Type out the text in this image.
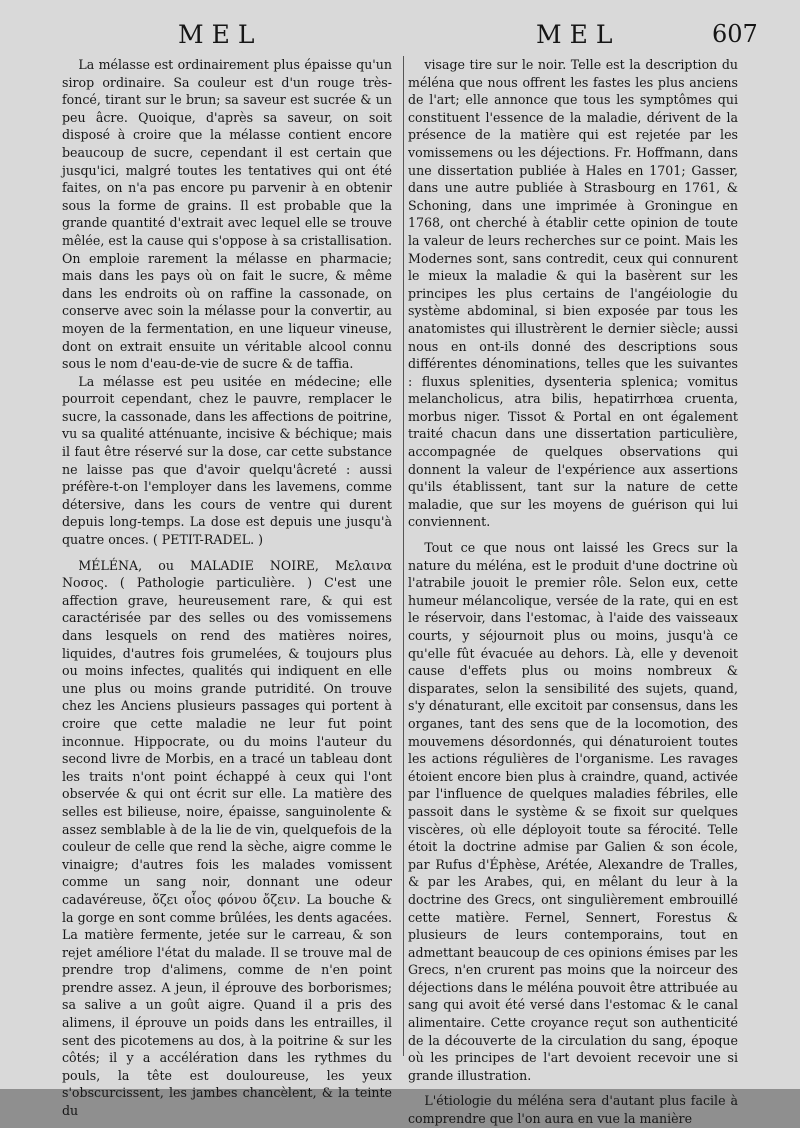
MEL	MEL	607

La mélasse est ordinairement plus épaisse qu'un sirop ordinaire. Sa couleur est d'un rouge très-foncé, tirant sur le brun; sa saveur est sucrée & un peu âcre. Quoique, d'après sa saveur, on soit disposé à croire que la mélasse contient encore beaucoup de sucre, cependant il est certain que jusqu'ici, malgré toutes les tentatives qui ont été faites, on n'a pas encore pu parvenir à en obtenir sous la forme de grains. Il est probable que la grande quantité d'extrait avec lequel elle se trouve mêlée, est la cause qui s'oppose à sa cristallisation. On emploie rarement la mélasse en pharmacie; mais dans les pays où on fait le sucre, & même dans les endroits où on raffine la cassonade, on conserve avec soin la mélasse pour la convertir, au moyen de la fermentation, en une liqueur vineuse, dont on extrait ensuite un véritable alcool connu sous le nom d'eau-de-vie de sucre & de taffia.

La mélasse est peu usitée en médecine; elle pourroit cependant, chez le pauvre, remplacer le sucre, la cassonade, dans les affections de poitrine, vu sa qualité atténuante, incisive & béchique; mais il faut être réservé sur la dose, car cette substance ne laisse pas que d'avoir quelqu'âcreté : aussi préfère-t-on l'employer dans les lavemens, comme détersive, dans les cours de ventre qui durent depuis long-temps. La dose est depuis une jusqu'à quatre onces. ( PETIT-RADEL. )

MÉLÉNA, ou MALADIE NOIRE, Μελαινα Νοσος. ( Pathologie particulière. ) C'est une affection grave, heureusement rare, & qui est caractérisée par des selles ou des vomissemens dans lesquels on rend des matières noires, liquides, d'autres fois grumelées, & toujours plus ou moins infectes, qualités qui indiquent en elle une plus ou moins grande putridité. On trouve chez les Anciens plusieurs passages qui portent à croire que cette maladie ne leur fut point inconnue. Hippocrate, ou du moins l'auteur du second livre de Morbis, en a tracé un tableau dont les traits n'ont point échappé à ceux qui l'ont observée & qui ont écrit sur elle. La matière des selles est bilieuse, noire, épaisse, sanguinolente & assez semblable à de la lie de vin, quelquefois de la couleur de celle que rend la sèche, aigre comme le vinaigre; d'autres fois les malades vomissent comme un sang noir, donnant une odeur cadavéreuse, ὄζει οἷος φόνου ὄζειν. La bouche & la gorge en sont comme brûlées, les dents agacées. La matière fermente, jetée sur le carreau, & son rejet améliore l'état du malade. Il se trouve mal de prendre trop d'alimens, comme de n'en point prendre assez. A jeun, il éprouve des borborismes; sa salive a un goût aigre. Quand il a pris des alimens, il éprouve un poids dans les entrailles, il sent des picotemens au dos, à la poitrine & sur les côtés; il y a accélération dans les rythmes du pouls, la tête est douloureuse, les yeux s'obscurcissent, les jambes chancèlent, & la teinte du

visage tire sur le noir. Telle est la description du méléna que nous offrent les fastes les plus anciens de l'art; elle annonce que tous les symptômes qui constituent l'essence de la maladie, dérivent de la présence de la matière qui est rejetée par les vomissemens ou les déjections. Fr. Hoffmann, dans une dissertation publiée à Hales en 1701; Gasser, dans une autre publiée à Strasbourg en 1761, & Schoning, dans une imprimée à Groningue en 1768, ont cherché à établir cette opinion de toute la valeur de leurs recherches sur ce point. Mais les Modernes sont, sans contredit, ceux qui connurent le mieux la maladie & qui la basèrent sur les principes les plus certains de l'angéiologie du système abdominal, si bien exposée par tous les anatomistes qui illustrèrent le dernier siècle; aussi nous en ont-ils donné des descriptions sous différentes dénominations, telles que les suivantes : fluxus splenities, dysenteria splenica; vomitus melancholicus, atra bilis, hepatirrhœa cruenta, morbus niger. Tissot & Portal en ont également traité chacun dans une dissertation particulière, accompagnée de quelques observations qui donnent la valeur de l'expérience aux assertions qu'ils établissent, tant sur la nature de cette maladie, que sur les moyens de guérison qui lui conviennent.

Tout ce que nous ont laissé les Grecs sur la nature du méléna, est le produit d'une doctrine où l'atrabile jouoit le premier rôle. Selon eux, cette humeur mélancolique, versée de la rate, qui en est le réservoir, dans l'estomac, à l'aide des vaisseaux courts, y séjournoit plus ou moins, jusqu'à ce qu'elle fût évacuée au dehors. Là, elle y devenoit cause d'effets plus ou moins nombreux & disparates, selon la sensibilité des sujets, quand, s'y dénaturant, elle excitoit par consensus, dans les organes, tant des sens que de la locomotion, des mouvemens désordonnés, qui dénaturoient toutes les actions régulières de l'organisme. Les ravages étoient encore bien plus à craindre, quand, activée par l'influence de quelques maladies fébriles, elle passoit dans le système & se fixoit sur quelques viscères, où elle déployoit toute sa férocité. Telle étoit la doctrine admise par Galien & son école, par Rufus d'Éphèse, Arétée, Alexandre de Tralles, & par les Arabes, qui, en mêlant du leur à la doctrine des Grecs, ont singulièrement embrouillé cette matière. Fernel, Sennert, Forestus & plusieurs de leurs contemporains, tout en admettant beaucoup de ces opinions émises par les Grecs, n'en crurent pas moins que la noirceur des déjections dans le méléna pouvoit être attribuée au sang qui avoit été versé dans l'estomac & le canal alimentaire. Cette croyance reçut son authenticité de la découverte de la circulation du sang, époque où les principes de l'art devoient recevoir une si grande illustration.

L'étiologie du méléna sera d'autant plus facile à comprendre que l'on aura en vue la manière
